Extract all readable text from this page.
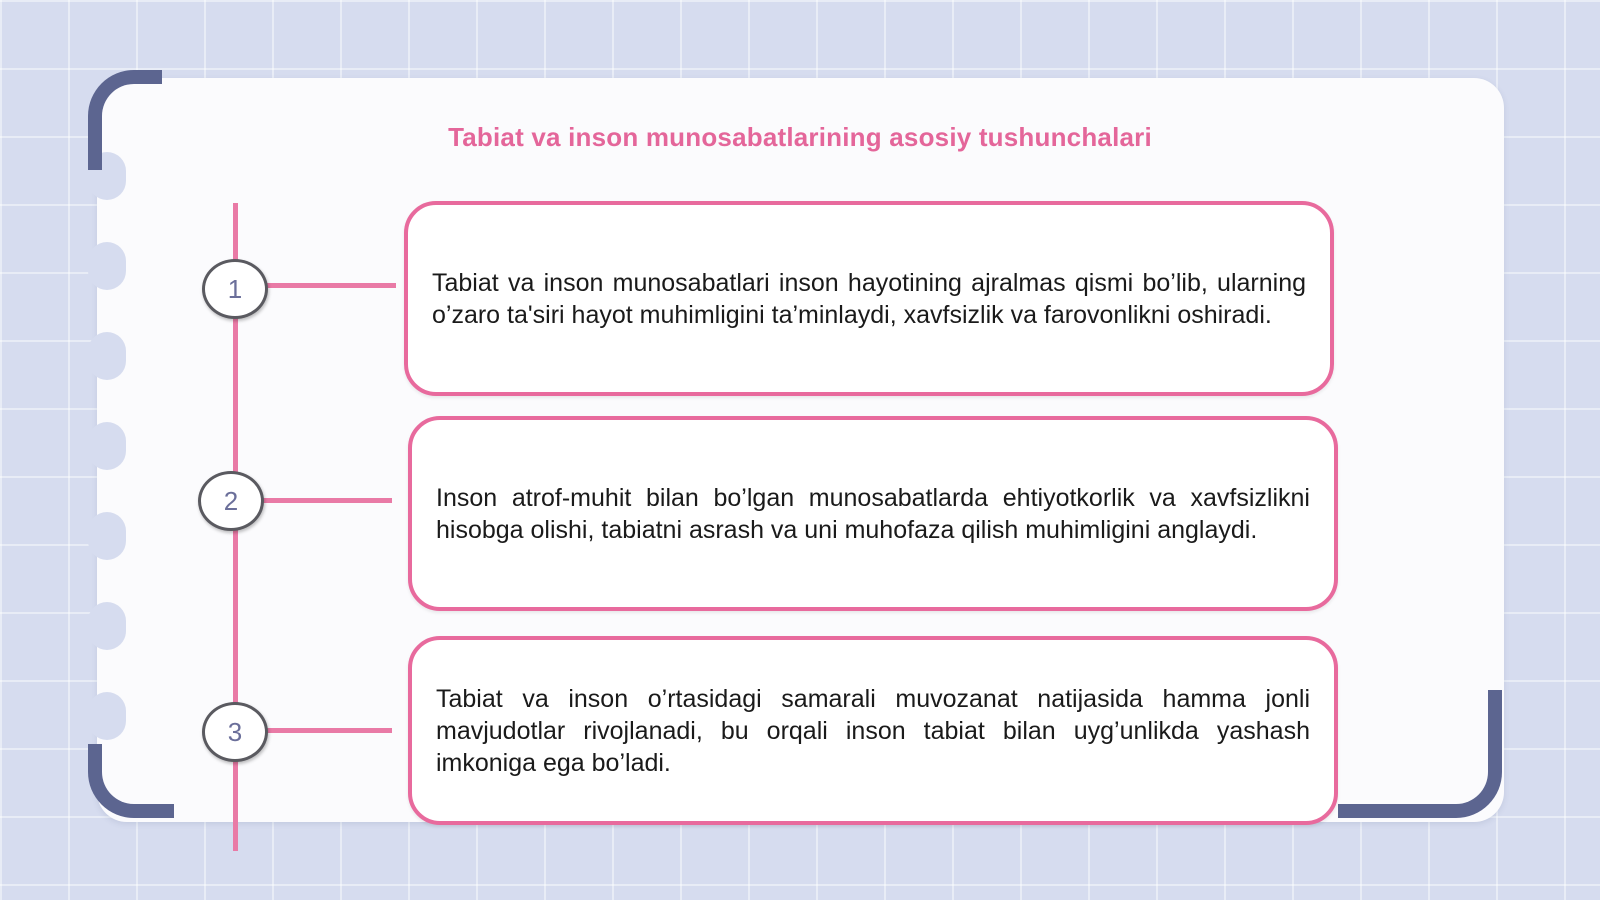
Tabiat va inson munosabatlarining asosiy tushunchalari
1
2
3
Tabiat va inson munosabatlari inson hayotining ajralmas qismi bo’lib, ularning o’zaro ta'siri hayot muhimligini ta’minlaydi, xavfsizlik va farovonlikni oshiradi.
Inson atrof-muhit bilan bo’lgan munosabatlarda ehtiyotkorlik va xavfsizlikni hisobga olishi, tabiatni asrash va uni muhofaza qilish muhimligini anglaydi.
Tabiat va inson o’rtasidagi samarali muvozanat natijasida hamma jonli mavjudotlar rivojlanadi, bu orqali inson tabiat bilan uyg’unlikda yashash imkoniga ega bo’ladi.
